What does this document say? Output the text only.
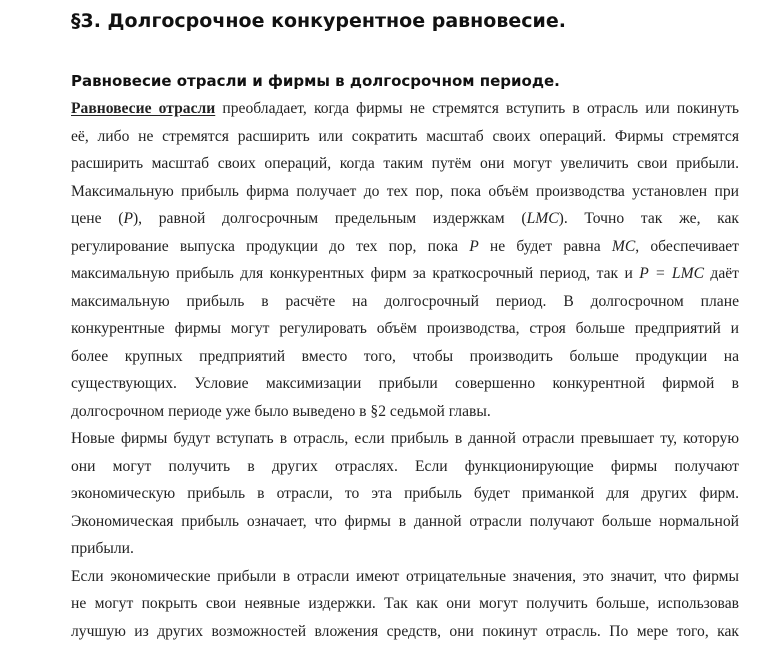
§3. Долгосрочное конкурентное равновесие.
Равновесие отрасли и фирмы в долгосрочном периоде.
Равновесие отрасли преобладает, когда фирмы не стремятся вступить в отрасль или покинуть
её, либо не стремятся расширить или сократить масштаб своих операций. Фирмы стремятся
расширить масштаб своих операций, когда таким путём они могут увеличить свои прибыли.
Максимальную прибыль фирма получает до тех пор, пока объём производства установлен при
цене (P), равной долгосрочным предельным издержкам (LMC). Точно так же, как
регулирование выпуска продукции до тех пор, пока P не будет равна MC, обеспечивает
максимальную прибыль для конкурентных фирм за краткосрочный период, так и P = LMC даёт
максимальную прибыль в расчёте на долгосрочный период. В долгосрочном плане
конкурентные фирмы могут регулировать объём производства, строя больше предприятий и
более крупных предприятий вместо того, чтобы производить больше продукции на
существующих. Условие максимизации прибыли совершенно конкурентной фирмой в
долгосрочном периоде уже было выведено в §2 седьмой главы.
Новые фирмы будут вступать в отрасль, если прибыль в данной отрасли превышает ту, которую
они могут получить в других отраслях. Если функционирующие фирмы получают
экономическую прибыль в отрасли, то эта прибыль будет приманкой для других фирм.
Экономическая прибыль означает, что фирмы в данной отрасли получают больше нормальной
прибыли.
Если экономические прибыли в отрасли имеют отрицательные значения, это значит, что фирмы
не могут покрыть свои неявные издержки. Так как они могут получить больше, использовав
лучшую из других возможностей вложения средств, они покинут отрасль. По мере того, как
